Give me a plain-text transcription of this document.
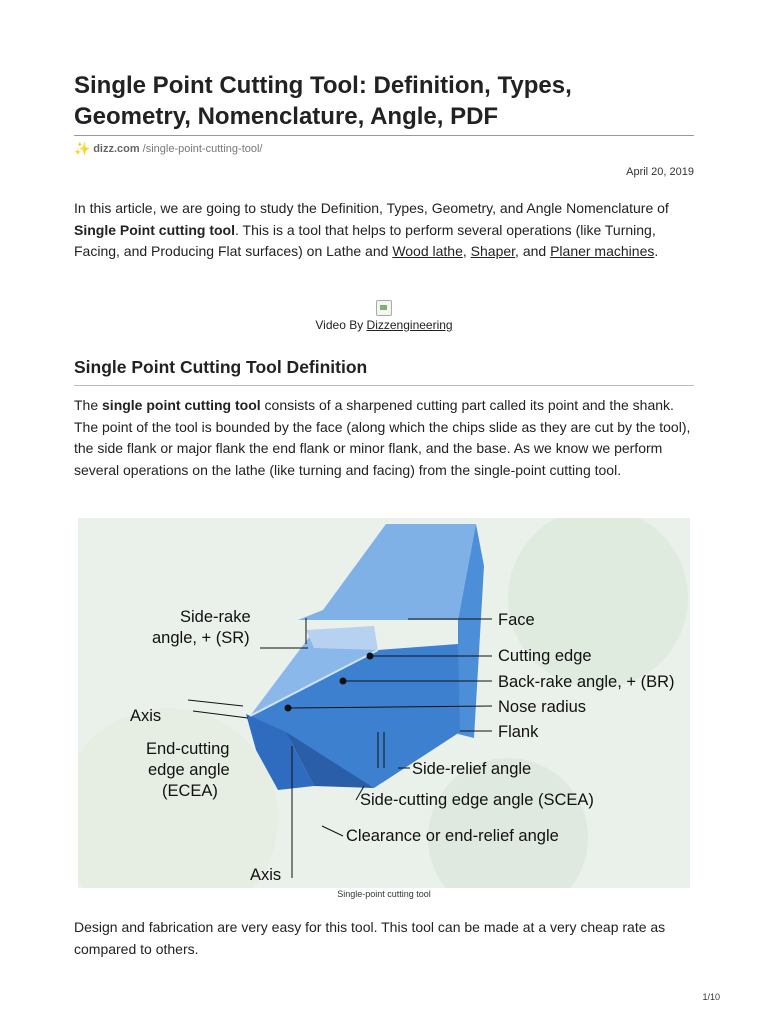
Single Point Cutting Tool: Definition, Types, Geometry, Nomenclature, Angle, PDF
✨ dizz.com /single-point-cutting-tool/
April 20, 2019

In this article, we are going to study the Definition, Types, Geometry, and Angle Nomenclature of Single Point cutting tool. This is a tool that helps to perform several operations (like Turning, Facing, and Producing Flat surfaces) on Lathe and Wood lathe, Shaper, and Planer machines.

Video By Dizzengineering
Single Point Cutting Tool Definition

The single point cutting tool consists of a sharpened cutting part called its point and the shank. The point of the tool is bounded by the face (along which the chips slide as they are cut by the tool), the side flank or major flank the end flank or minor flank, and the base. As we know we perform several operations on the lathe (like turning and facing) from the single-point cutting tool.

Side-rake
angle, + (SR)
Axis
End-cutting
edge angle
(ECEA)
Face
Cutting edge
Back-rake angle, + (BR)
Nose radius
Flank
Side-relief angle
Side-cutting edge angle (SCEA)
Clearance or end-relief angle
Axis
Single-point cutting tool

Design and fabrication are very easy for this tool. This tool can be made at a very cheap rate as compared to others.

1/10
